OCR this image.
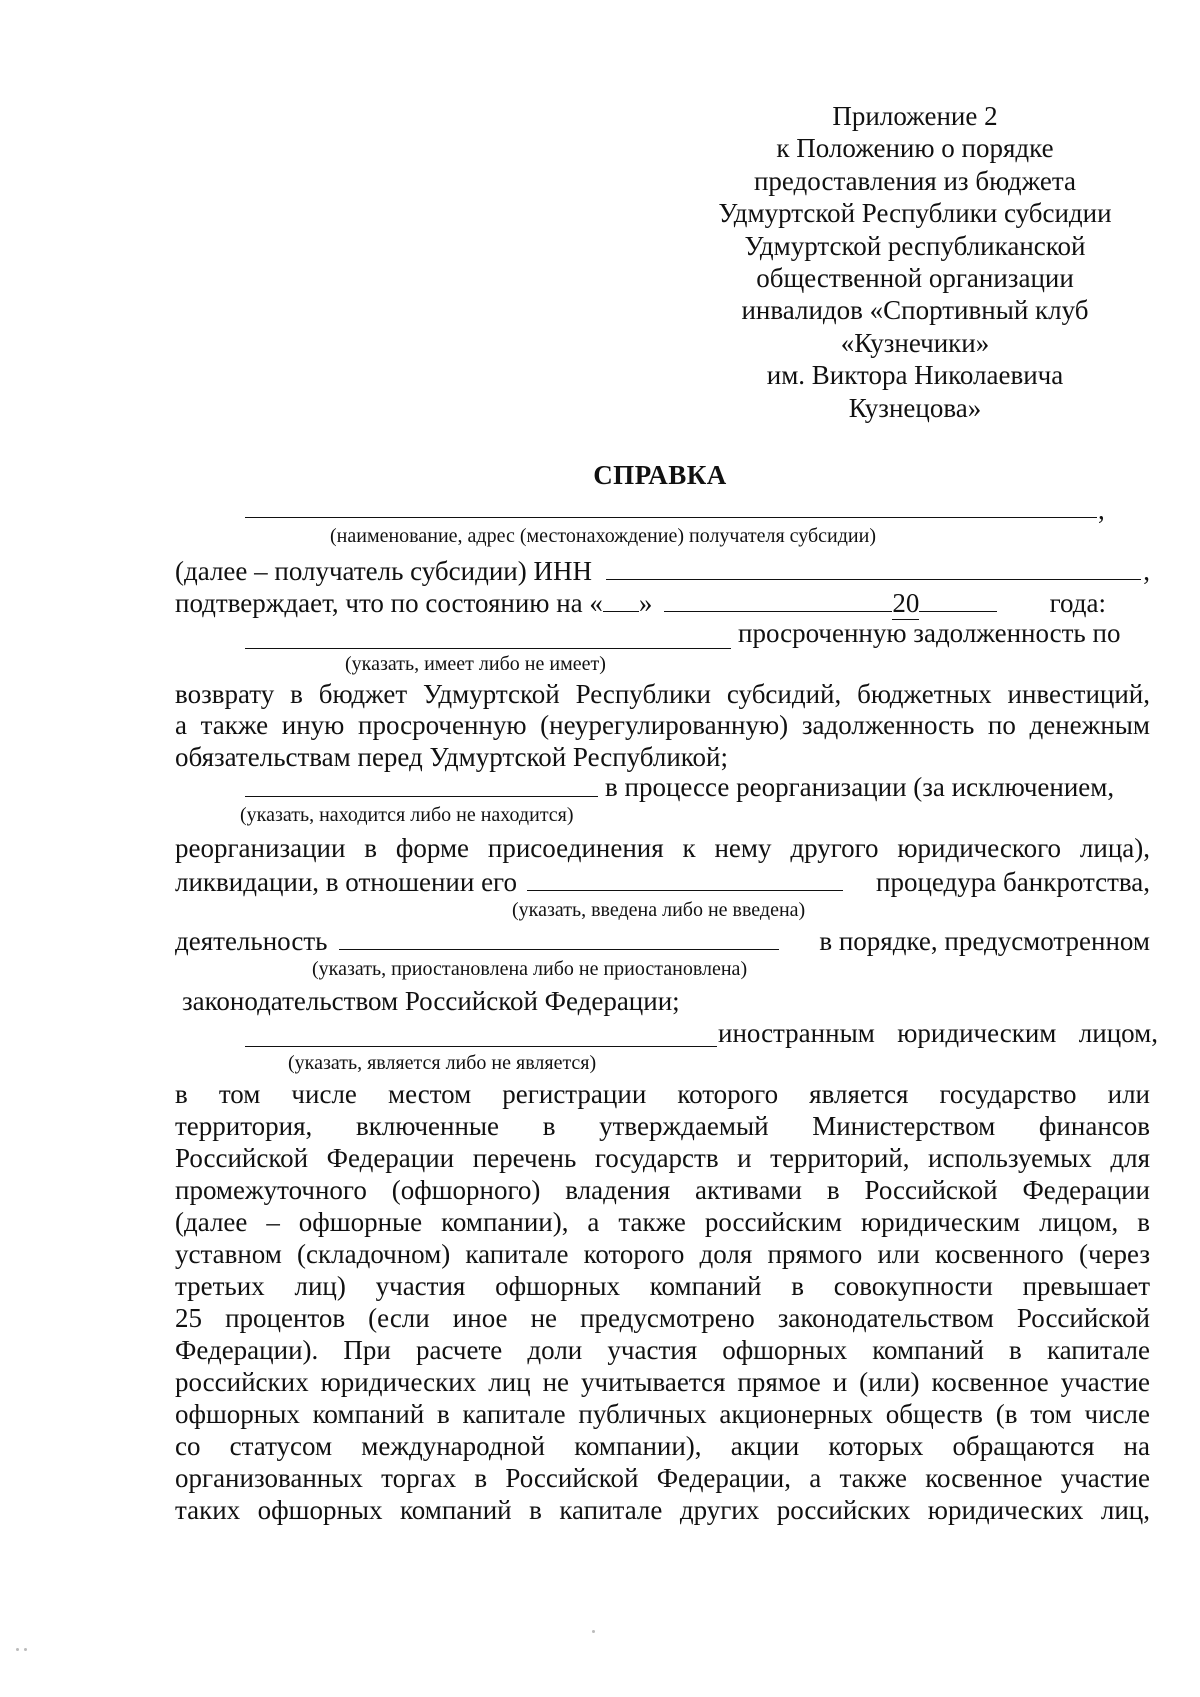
Приложение 2
к Положению о порядке
предоставления из бюджета
Удмуртской Республики субсидии
Удмуртской республиканской
общественной организации
инвалидов «Спортивный клуб
«Кузнечики»
им. Виктора Николаевича
Кузнецова»
СПРАВКА
,
(наименование, адрес (местонахождение) получателя субсидии)
(далее – получатель субсидии) ИНН	,
подтверждает, что по состоянию на « »	20	года:
просроченную задолженность по
(указать, имеет либо не имеет)
возврату в бюджет Удмуртской Республики субсидий, бюджетных инвестиций,
а также иную просроченную (неурегулированную) задолженность по денежным
обязательствам перед Удмуртской Республикой;
в процессе реорганизации (за исключением,
(указать, находится либо не находится)
реорганизации в форме присоединения к нему другого юридического лица),
ликвидации, в отношении его	процедура банкротства,
(указать, введена либо не введена)
деятельность	в порядке, предусмотренном
(указать, приостановлена либо не приостановлена)
законодательством Российской Федерации;
иностранным юридическим лицом,
(указать, является либо не является)
в том числе местом регистрации которого является государство или
территория, включенные в утверждаемый Министерством финансов
Российской Федерации перечень государств и территорий, используемых для
промежуточного (офшорного) владения активами в Российской Федерации
(далее – офшорные компании), а также российским юридическим лицом, в
уставном (складочном) капитале которого доля прямого или косвенного (через
третьих лиц) участия офшорных компаний в совокупности превышает
25 процентов (если иное не предусмотрено законодательством Российской
Федерации). При расчете доли участия офшорных компаний в капитале
российских юридических лиц не учитывается прямое и (или) косвенное участие
офшорных компаний в капитале публичных акционерных обществ (в том числе
со статусом международной компании), акции которых обращаются на
организованных торгах в Российской Федерации, а также косвенное участие
таких офшорных компаний в капитале других российских юридических лиц,
